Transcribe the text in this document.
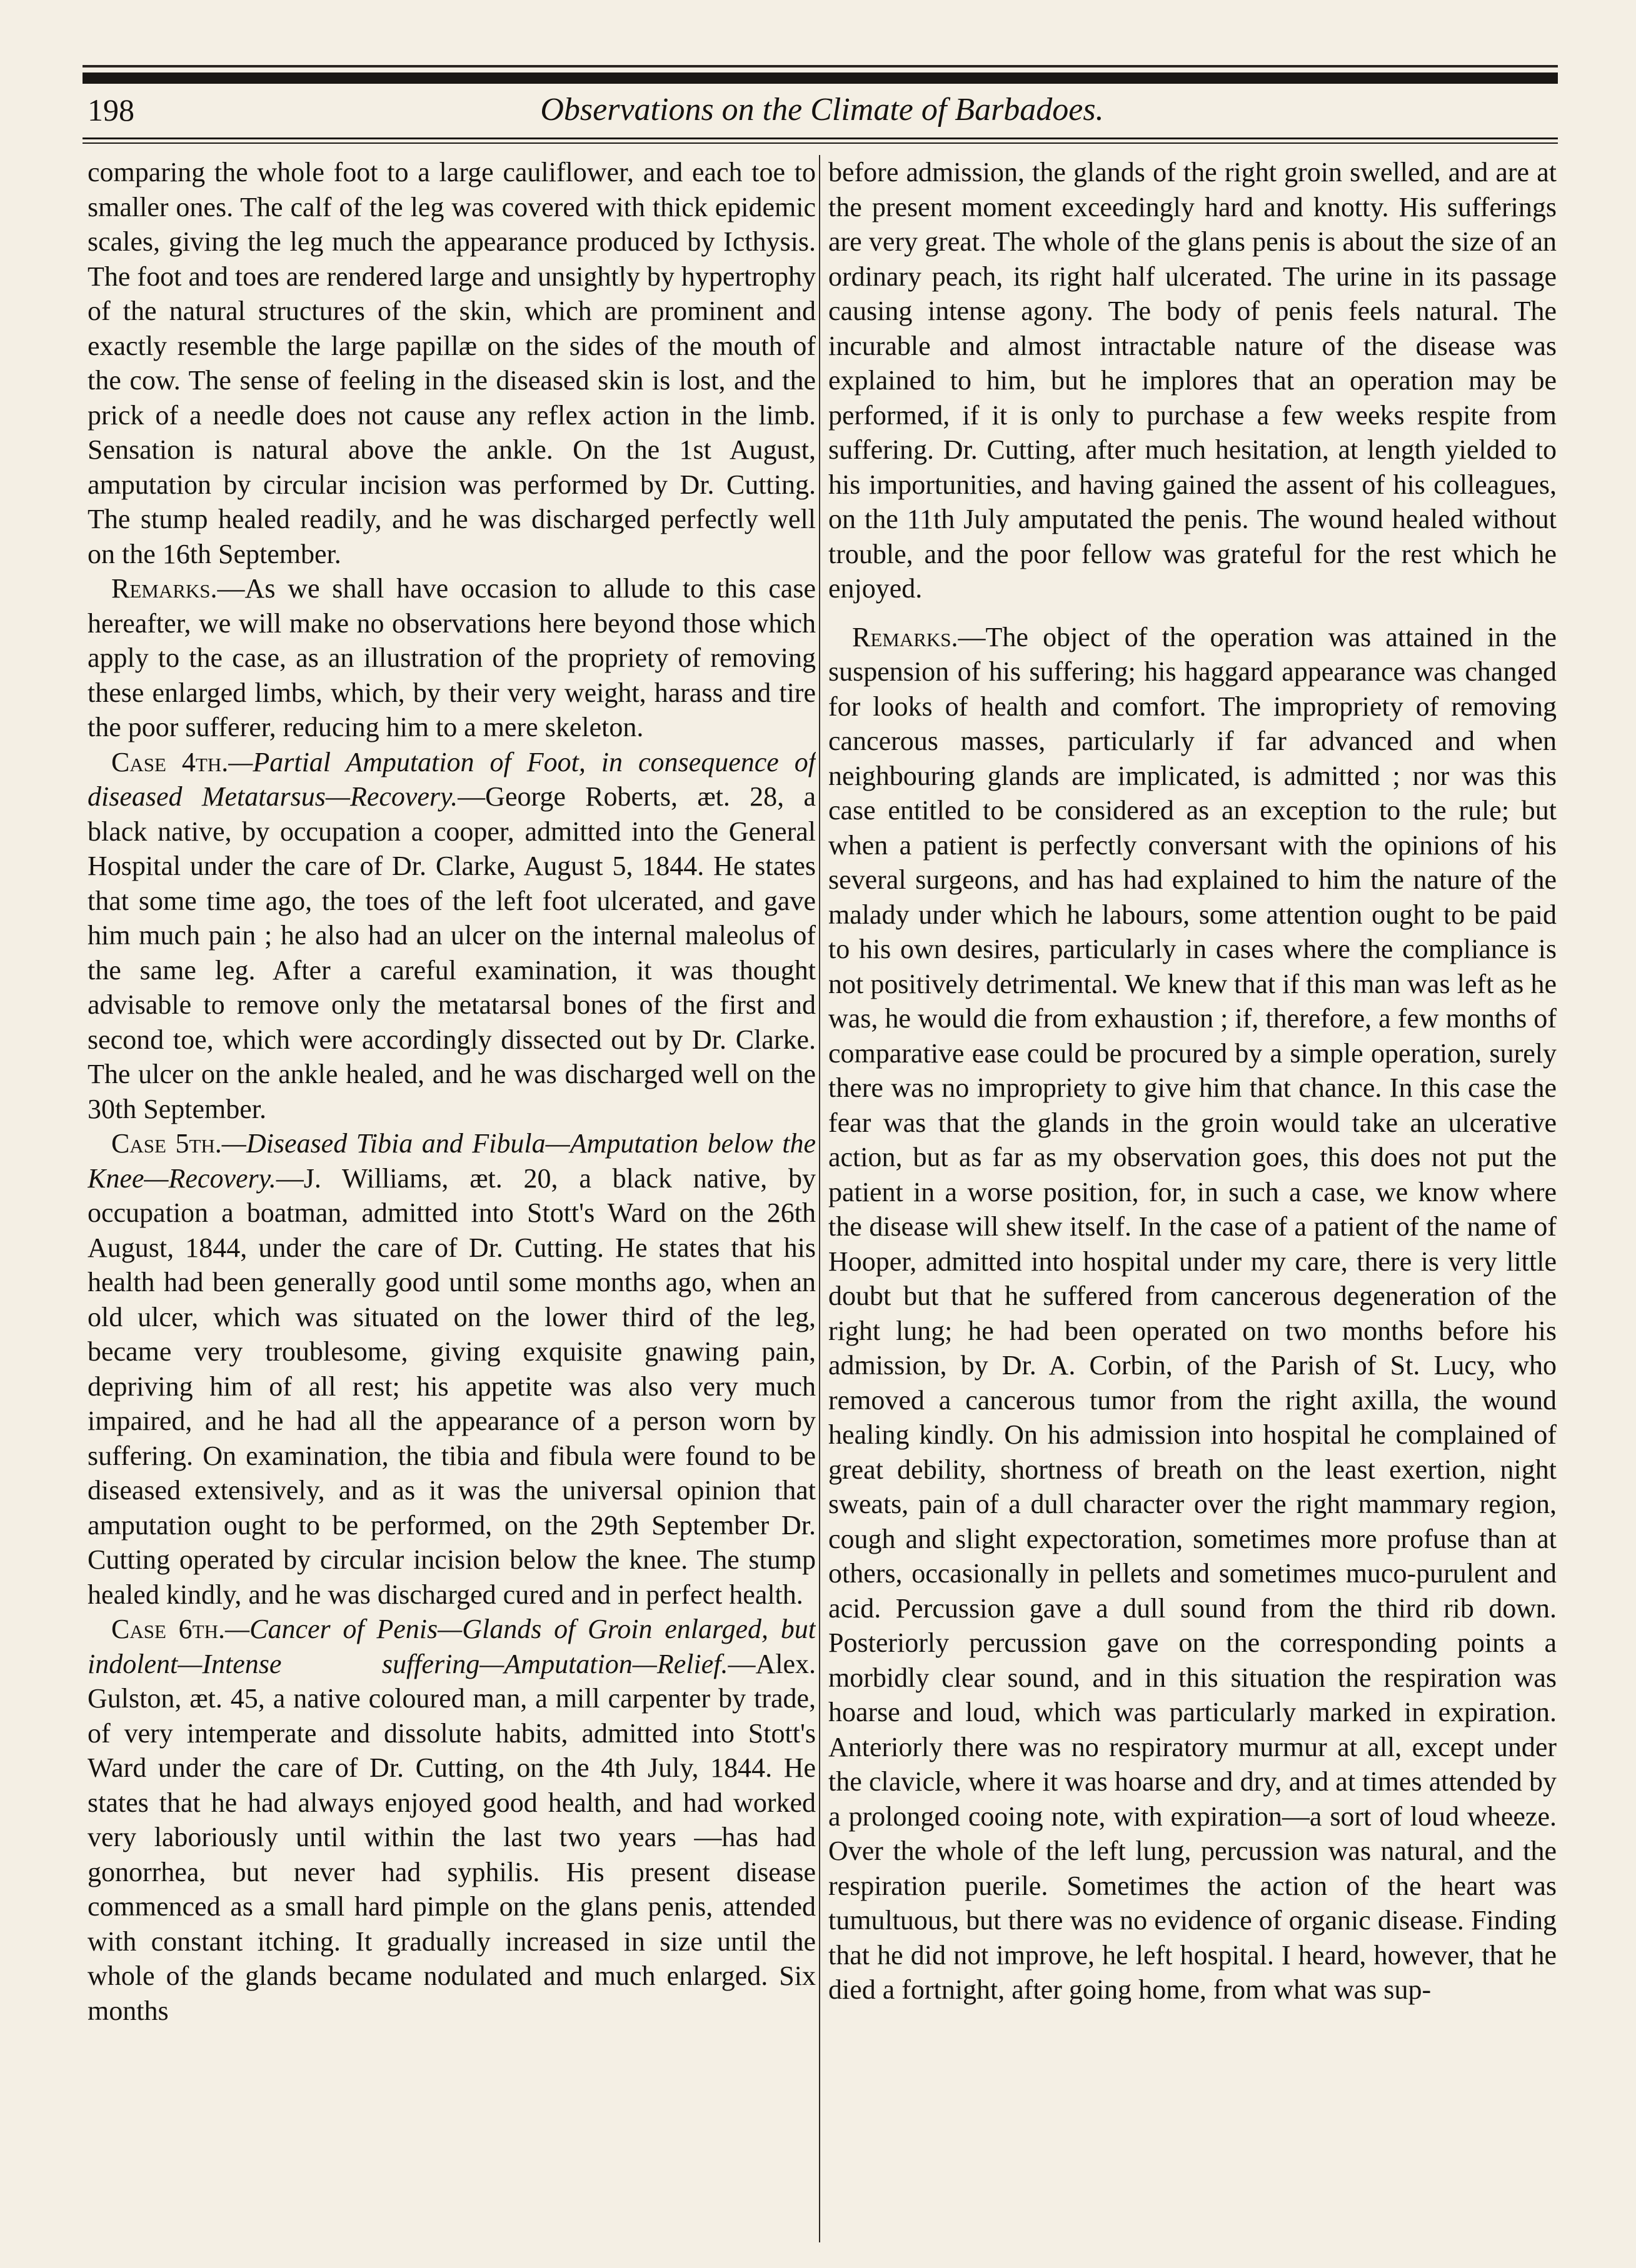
198	Observations on the Climate of Barbadoes.

comparing the whole foot to a large cauliflower, and each toe to smaller ones. The calf of the leg was covered with thick epidemic scales, giving the leg much the appearance produced by Icthysis. The foot and toes are rendered large and unsightly by hypertrophy of the natural structures of the skin, which are prominent and exactly resemble the large papillæ on the sides of the mouth of the cow. The sense of feeling in the diseased skin is lost, and the prick of a needle does not cause any reflex action in the limb. Sensation is natural above the ankle. On the 1st August, amputation by circular incision was performed by Dr. Cutting. The stump healed readily, and he was discharged perfectly well on the 16th September.

Remarks.—As we shall have occasion to allude to this case hereafter, we will make no observations here beyond those which apply to the case, as an illustration of the propriety of removing these enlarged limbs, which, by their very weight, harass and tire the poor sufferer, reducing him to a mere skeleton.

Case 4th.—Partial Amputation of Foot, in consequence of diseased Metatarsus—Recovery.—George Roberts, æt. 28, a black native, by occupation a cooper, admitted into the General Hospital under the care of Dr. Clarke, August 5, 1844. He states that some time ago, the toes of the left foot ulcerated, and gave him much pain ; he also had an ulcer on the internal maleolus of the same leg. After a careful examination, it was thought advisable to remove only the metatarsal bones of the first and second toe, which were accordingly dissected out by Dr. Clarke. The ulcer on the ankle healed, and he was discharged well on the 30th September.

Case 5th.—Diseased Tibia and Fibula—Amputation below the Knee—Recovery.—J. Williams, æt. 20, a black native, by occupation a boatman, admitted into Stott's Ward on the 26th August, 1844, under the care of Dr. Cutting. He states that his health had been generally good until some months ago, when an old ulcer, which was situated on the lower third of the leg, became very troublesome, giving exquisite gnawing pain, depriving him of all rest; his appetite was also very much impaired, and he had all the appearance of a person worn by suffering. On examination, the tibia and fibula were found to be diseased extensively, and as it was the universal opinion that amputation ought to be performed, on the 29th September Dr. Cutting operated by circular incision below the knee. The stump healed kindly, and he was discharged cured and in perfect health.

Case 6th.—Cancer of Penis—Glands of Groin enlarged, but indolent—Intense suffering—Amputation—Relief.—Alex. Gulston, æt. 45, a native coloured man, a mill carpenter by trade, of very intemperate and dissolute habits, admitted into Stott's Ward under the care of Dr. Cutting, on the 4th July, 1844. He states that he had always enjoyed good health, and had worked very laboriously until within the last two years —has had gonorrhea, but never had syphilis. His present disease commenced as a small hard pimple on the glans penis, attended with constant itching. It gradually increased in size until the whole of the glands became nodulated and much enlarged. Six months

before admission, the glands of the right groin swelled, and are at the present moment exceedingly hard and knotty. His sufferings are very great. The whole of the glans penis is about the size of an ordinary peach, its right half ulcerated. The urine in its passage causing intense agony. The body of penis feels natural. The incurable and almost intractable nature of the disease was explained to him, but he implores that an operation may be performed, if it is only to purchase a few weeks respite from suffering. Dr. Cutting, after much hesitation, at length yielded to his importunities, and having gained the assent of his colleagues, on the 11th July amputated the penis. The wound healed without trouble, and the poor fellow was grateful for the rest which he enjoyed.

Remarks.—The object of the operation was attained in the suspension of his suffering; his haggard appearance was changed for looks of health and comfort. The impropriety of removing cancerous masses, particularly if far advanced and when neighbouring glands are implicated, is admitted ; nor was this case entitled to be considered as an exception to the rule; but when a patient is perfectly conversant with the opinions of his several surgeons, and has had explained to him the nature of the malady under which he labours, some attention ought to be paid to his own desires, particularly in cases where the compliance is not positively detrimental. We knew that if this man was left as he was, he would die from exhaustion ; if, therefore, a few months of comparative ease could be procured by a simple operation, surely there was no impropriety to give him that chance. In this case the fear was that the glands in the groin would take an ulcerative action, but as far as my observation goes, this does not put the patient in a worse position, for, in such a case, we know where the disease will shew itself. In the case of a patient of the name of Hooper, admitted into hospital under my care, there is very little doubt but that he suffered from cancerous degeneration of the right lung; he had been operated on two months before his admission, by Dr. A. Corbin, of the Parish of St. Lucy, who removed a cancerous tumor from the right axilla, the wound healing kindly. On his admission into hospital he complained of great debility, shortness of breath on the least exertion, night sweats, pain of a dull character over the right mammary region, cough and slight expectoration, sometimes more profuse than at others, occasionally in pellets and sometimes muco-purulent and acid. Percussion gave a dull sound from the third rib down. Posteriorly percussion gave on the corresponding points a morbidly clear sound, and in this situation the respiration was hoarse and loud, which was particularly marked in expiration. Anteriorly there was no respiratory murmur at all, except under the clavicle, where it was hoarse and dry, and at times attended by a prolonged cooing note, with expiration—a sort of loud wheeze. Over the whole of the left lung, percussion was natural, and the respiration puerile. Sometimes the action of the heart was tumultuous, but there was no evidence of organic disease. Finding that he did not improve, he left hospital. I heard, however, that he died a fortnight, after going home, from what was sup-
